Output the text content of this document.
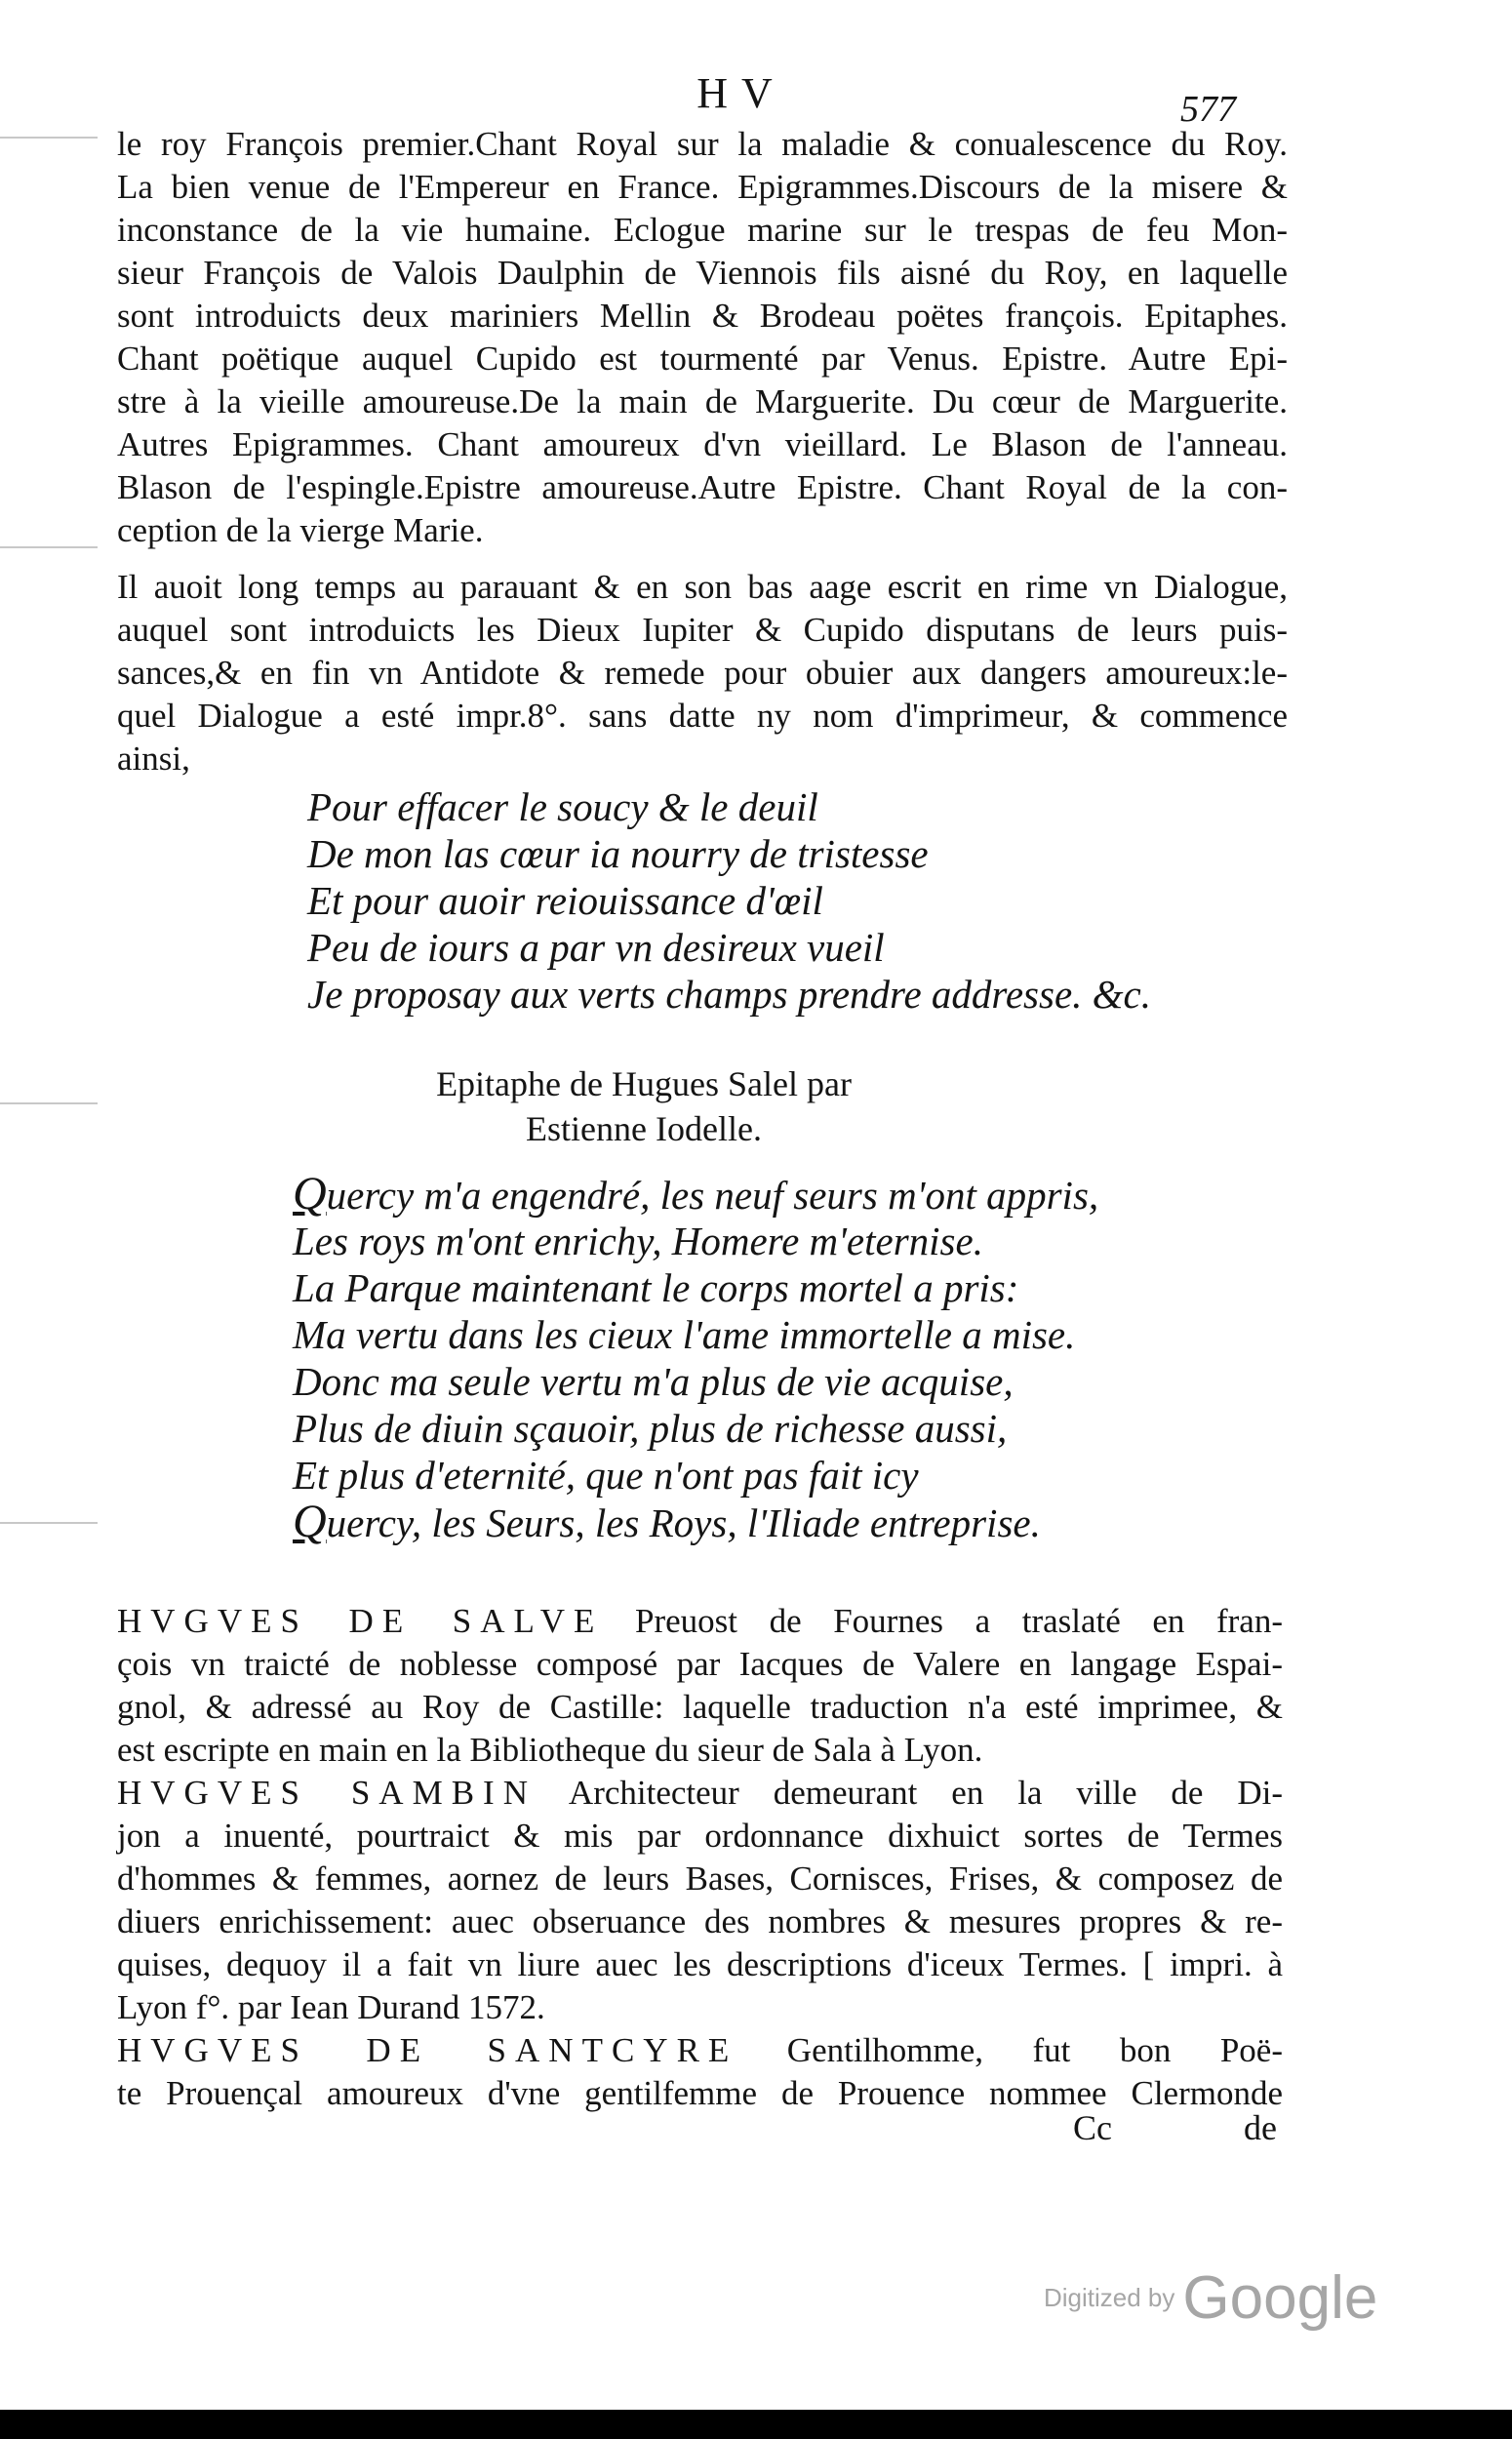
HV	577
le roy François premier.Chant Royal sur la maladie & conualescence du Roy.
La bien venue de l'Empereur en France. Epigrammes.Discours de la misere &
inconstance de la vie humaine. Eclogue marine sur le trespas de feu Mon-
sieur François de Valois Daulphin de Viennois fils aisné du Roy, en laquelle
sont introduicts deux mariniers Mellin & Brodeau poëtes françois. Epitaphes.
Chant poëtique auquel Cupido est tourmenté par Venus. Epistre. Autre Epi-
stre à la vieille amoureuse.De la main de Marguerite. Du cœur de Marguerite.
Autres Epigrammes. Chant amoureux d'vn vieillard. Le Blason de l'anneau.
Blason de l'espingle.Epistre amoureuse.Autre Epistre. Chant Royal de la con-
ception de la vierge Marie.
Il auoit long temps au parauant & en son bas aage escrit en rime vn Dialogue,
auquel sont introduicts les Dieux Iupiter & Cupido disputans de leurs puis-
sances,& en fin vn Antidote & remede pour obuier aux dangers amoureux:le-
quel Dialogue a esté impr.8°. sans datte ny nom d'imprimeur, & commence
ainsi,
Pour effacer le soucy & le deuil
De mon las cœur ia nourry de tristesse
Et pour auoir reiouissance d'œil
Peu de iours a par vn desireux vueil
Je proposay aux verts champs prendre addresse. &c.
Epitaphe de Hugues Salel par
Estienne Iodelle.
Quercy m'a engendré, les neuf seurs m'ont appris,
Les roys m'ont enrichy, Homere m'eternise.
La Parque maintenant le corps mortel a pris:
Ma vertu dans les cieux l'ame immortelle a mise.
Donc ma seule vertu m'a plus de vie acquise,
Plus de diuin sçauoir, plus de richesse aussi,
Et plus d'eternité, que n'ont pas fait icy
Quercy, les Seurs, les Roys, l'Iliade entreprise.
HVGVES DE SALVE Preuost de Fournes a traslaté en fran-
çois vn traicté de noblesse composé par Iacques de Valere en langage Espai-
gnol, & adressé au Roy de Castille: laquelle traduction n'a esté imprimee, &
est escripte en main en la Bibliotheque du sieur de Sala à Lyon.
HVGVES SAMBIN Architecteur demeurant en la ville de Di-
jon a inuenté, pourtraict & mis par ordonnance dixhuict sortes de Termes
d'hommes & femmes, aornez de leurs Bases, Cornisces, Frises, & composez de
diuers enrichissement: auec obseruance des nombres & mesures propres & re-
quises, dequoy il a fait vn liure auec les descriptions d'iceux Termes. [ impri. à
Lyon f°. par Iean Durand 1572.
HVGVES DE SANTCYRE Gentilhomme, fut bon Poë-
te Prouençal amoureux d'vne gentilfemme de Prouence nommee Clermonde
Cc	de
Digitized by Google
